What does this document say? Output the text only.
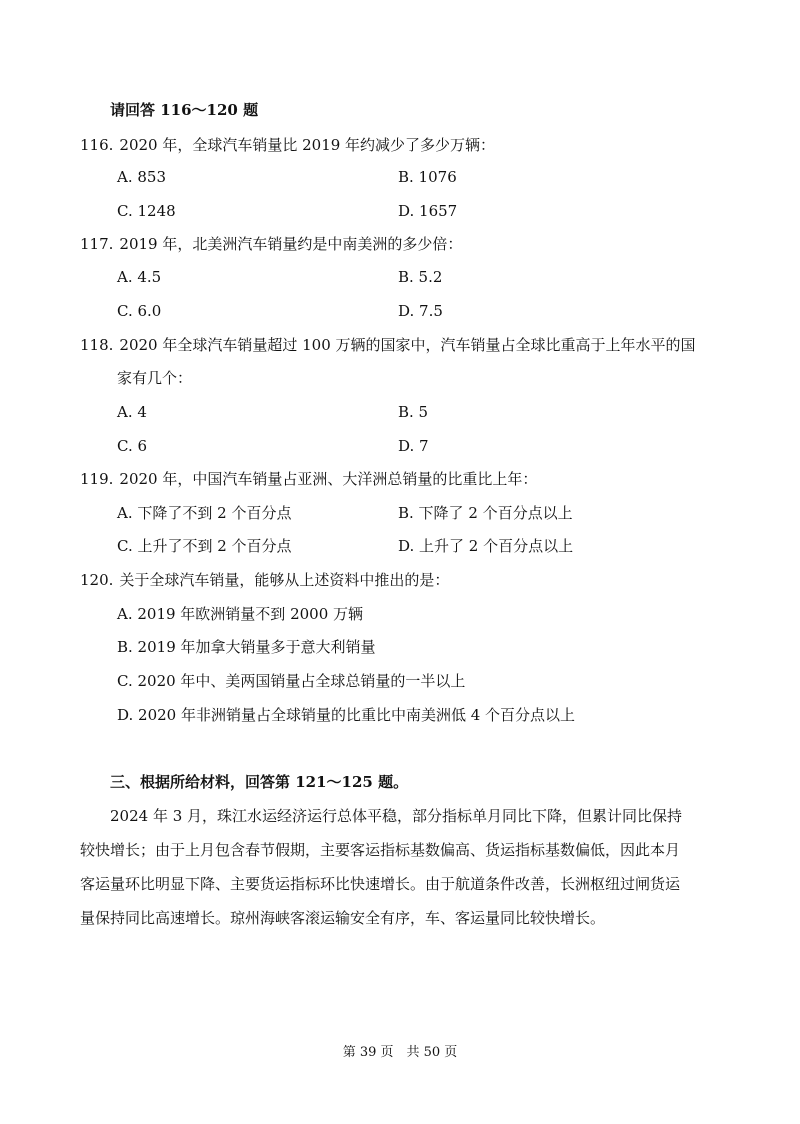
请回答 116～120 题
116. 2020 年，全球汽车销量比 2019 年约减少了多少万辆：
A. 853	B. 1076
C. 1248	D. 1657
117. 2019 年，北美洲汽车销量约是中南美洲的多少倍：
A. 4.5	B. 5.2
C. 6.0	D. 7.5
118. 2020 年全球汽车销量超过 100 万辆的国家中，汽车销量占全球比重高于上年水平的国
家有几个：
A. 4	B. 5
C. 6	D. 7
119. 2020 年，中国汽车销量占亚洲、大洋洲总销量的比重比上年：
A. 下降了不到 2 个百分点	B. 下降了 2 个百分点以上
C. 上升了不到 2 个百分点	D. 上升了 2 个百分点以上
120. 关于全球汽车销量，能够从上述资料中推出的是：
A. 2019 年欧洲销量不到 2000 万辆
B. 2019 年加拿大销量多于意大利销量
C. 2020 年中、美两国销量占全球总销量的一半以上
D. 2020 年非洲销量占全球销量的比重比中南美洲低 4 个百分点以上
三、根据所给材料，回答第 121～125 题。
2024 年 3 月，珠江水运经济运行总体平稳，部分指标单月同比下降，但累计同比保持
较快增长；由于上月包含春节假期，主要客运指标基数偏高、货运指标基数偏低，因此本月
客运量环比明显下降、主要货运指标环比快速增长。由于航道条件改善，长洲枢纽过闸货运
量保持同比高速增长。琼州海峡客滚运输安全有序，车、客运量同比较快增长。
第 39 页　共 50 页
